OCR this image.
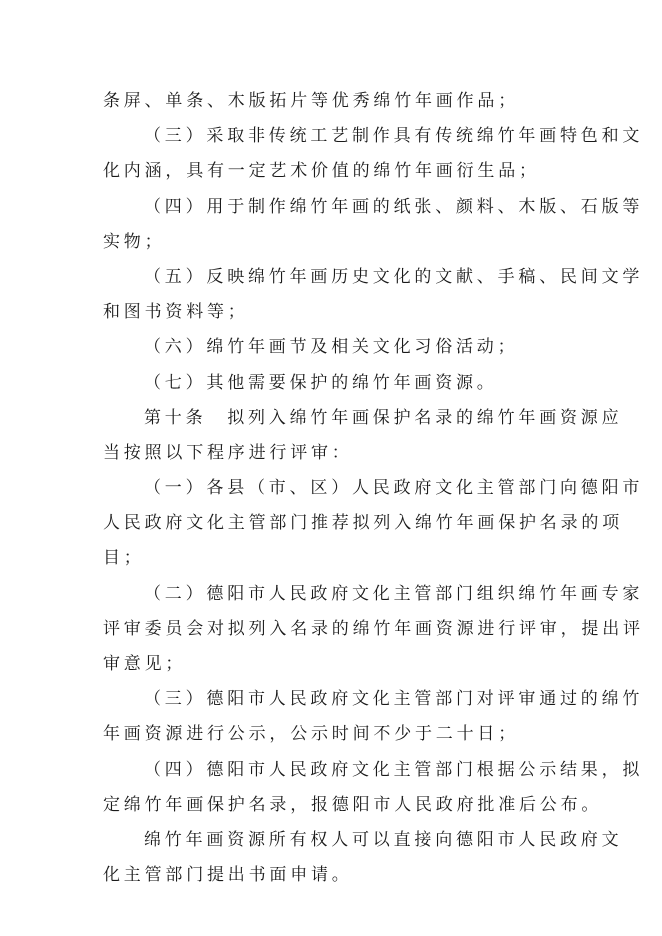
条屏、单条、木版拓片等优秀绵竹年画作品；
（三）采取非传统工艺制作具有传统绵竹年画特色和文
化内涵，具有一定艺术价值的绵竹年画衍生品；
（四）用于制作绵竹年画的纸张、颜料、木版、石版等
实物；
（五）反映绵竹年画历史文化的文献、手稿、民间文学
和图书资料等；
（六）绵竹年画节及相关文化习俗活动；
（七）其他需要保护的绵竹年画资源。
第十条　拟列入绵竹年画保护名录的绵竹年画资源应
当按照以下程序进行评审：
（一）各县（市、区）人民政府文化主管部门向德阳市
人民政府文化主管部门推荐拟列入绵竹年画保护名录的项
目；
（二）德阳市人民政府文化主管部门组织绵竹年画专家
评审委员会对拟列入名录的绵竹年画资源进行评审，提出评
审意见；
（三）德阳市人民政府文化主管部门对评审通过的绵竹
年画资源进行公示，公示时间不少于二十日；
（四）德阳市人民政府文化主管部门根据公示结果，拟
定绵竹年画保护名录，报德阳市人民政府批准后公布。
绵竹年画资源所有权人可以直接向德阳市人民政府文
化主管部门提出书面申请。
